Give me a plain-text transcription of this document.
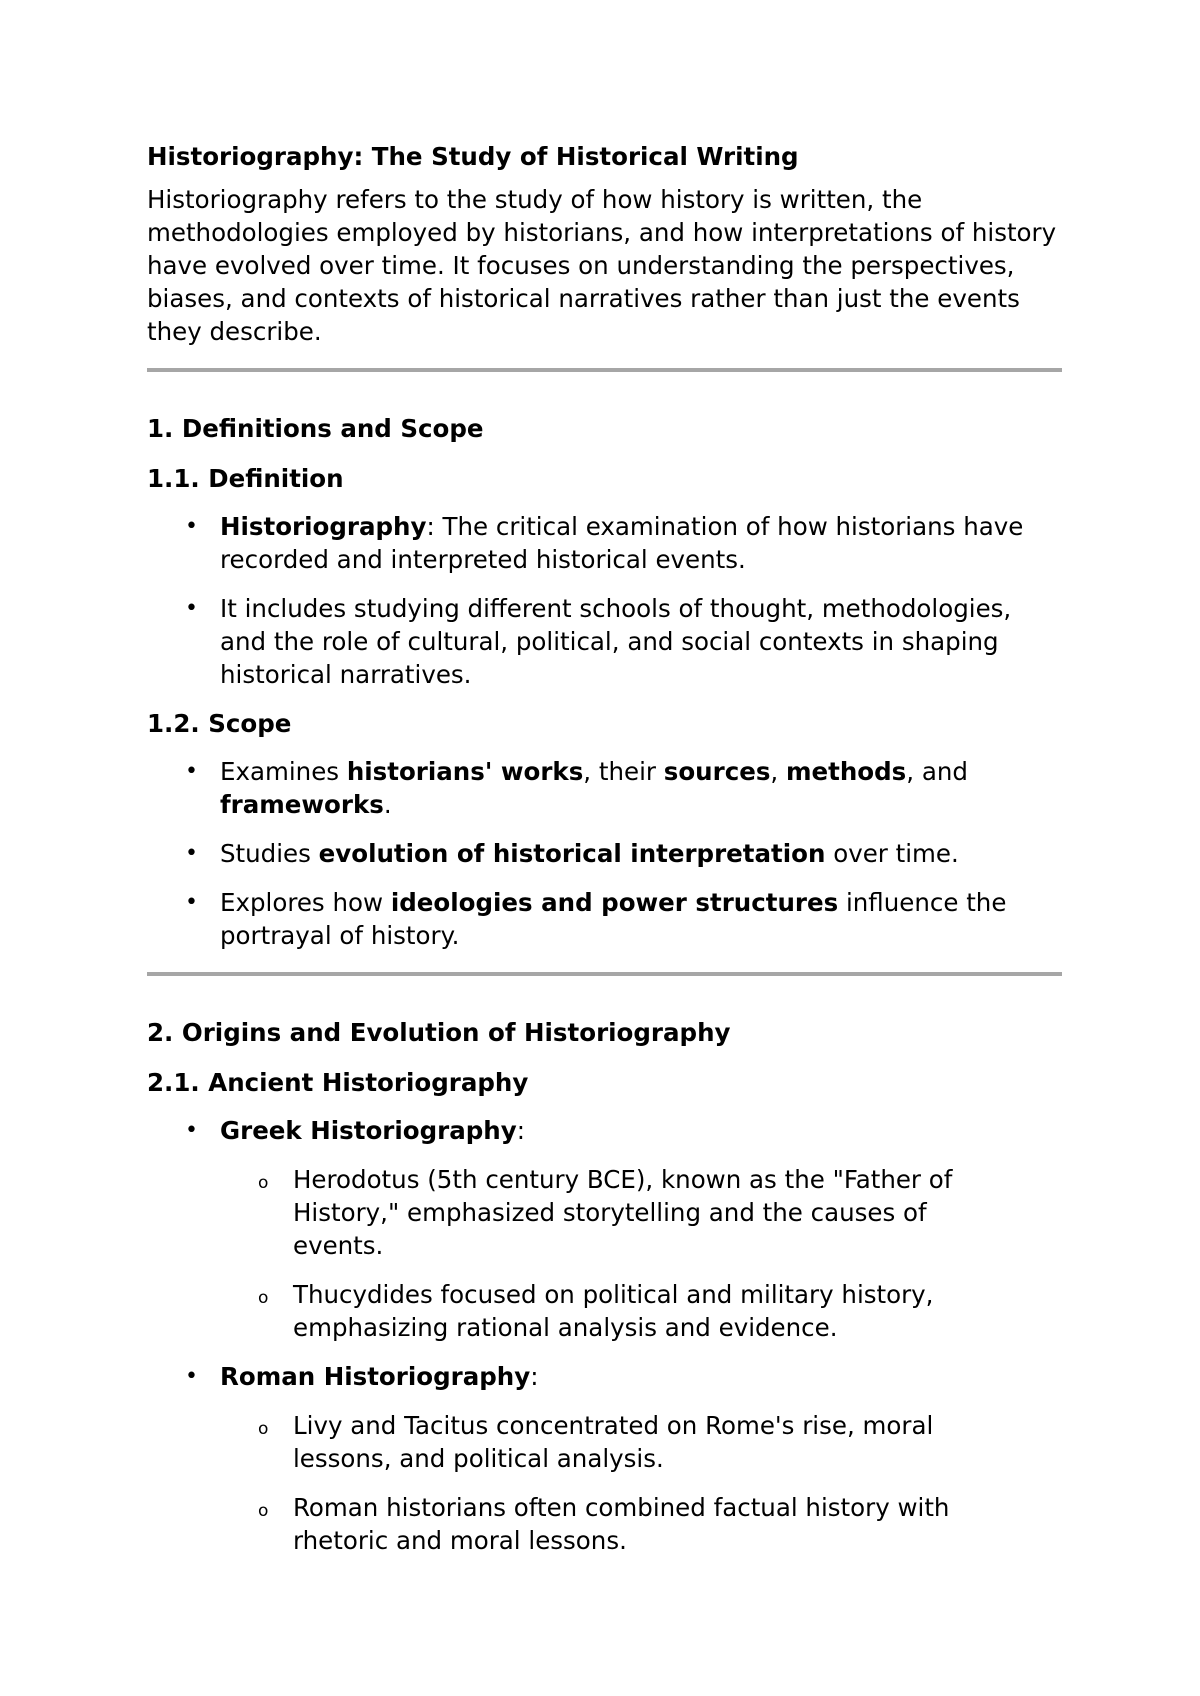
Historiography: The Study of Historical Writing

Historiography refers to the study of how history is written, the methodologies employed by historians, and how interpretations of history have evolved over time. It focuses on understanding the perspectives, biases, and contexts of historical narratives rather than just the events they describe.

1. Definitions and Scope
1.1. Definition
• Historiography: The critical examination of how historians have recorded and interpreted historical events.
• It includes studying different schools of thought, methodologies, and the role of cultural, political, and social contexts in shaping historical narratives.
1.2. Scope
• Examines historians' works, their sources, methods, and frameworks.
• Studies evolution of historical interpretation over time.
• Explores how ideologies and power structures influence the portrayal of history.
2. Origins and Evolution of Historiography
2.1. Ancient Historiography
• Greek Historiography:
o Herodotus (5th century BCE), known as the "Father of History," emphasized storytelling and the causes of events.
o Thucydides focused on political and military history, emphasizing rational analysis and evidence.
• Roman Historiography:
o Livy and Tacitus concentrated on Rome's rise, moral lessons, and political analysis.
o Roman historians often combined factual history with rhetoric and moral lessons.
